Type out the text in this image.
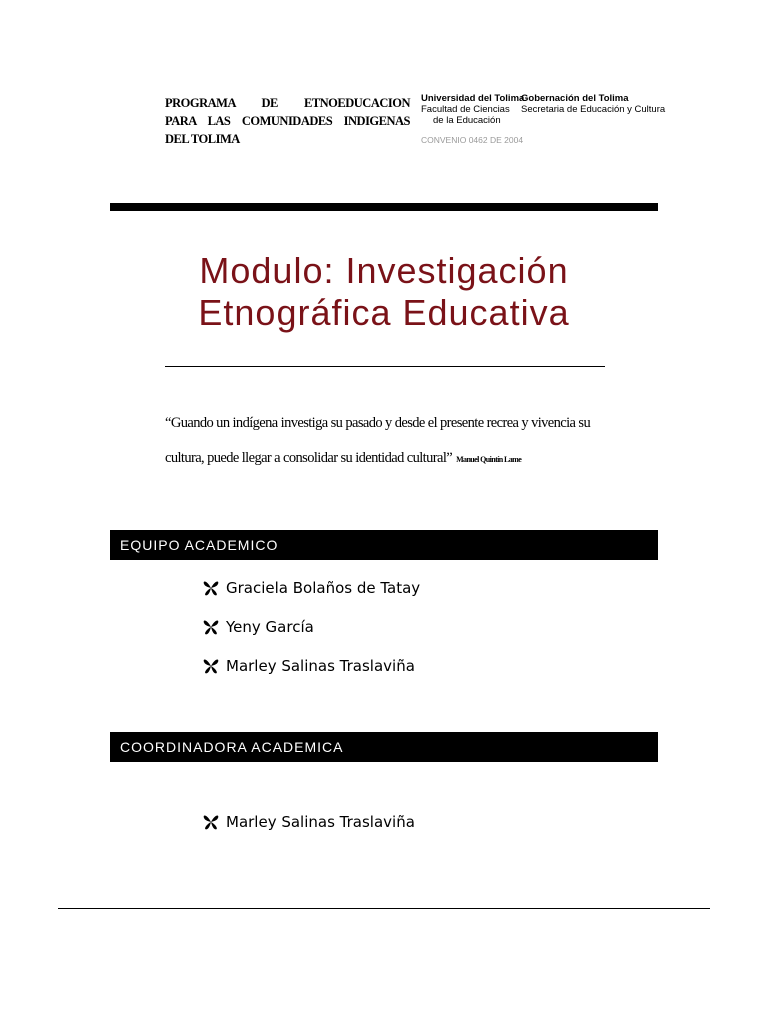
PROGRAMA DE ETNOEDUCACION
PARA LAS COMUNIDADES INDIGENAS
DEL TOLIMA
Universidad del Tolima
Facultad de Ciencias
de la Educación
Gobernación del Tolima
Secretaria de Educación y Cultura
CONVENIO 0462 DE 2004
Modulo: Investigación
Etnográfica Educativa
“Guando un indígena investiga su pasado y desde el presente recrea y vivencia su cultura, puede llegar a consolidar su identidad cultural” Manuel Quintín Lame
EQUIPO ACADEMICO
Graciela Bolaños de Tatay
Yeny García
Marley Salinas Traslaviña
COORDINADORA ACADEMICA
Marley Salinas Traslaviña
